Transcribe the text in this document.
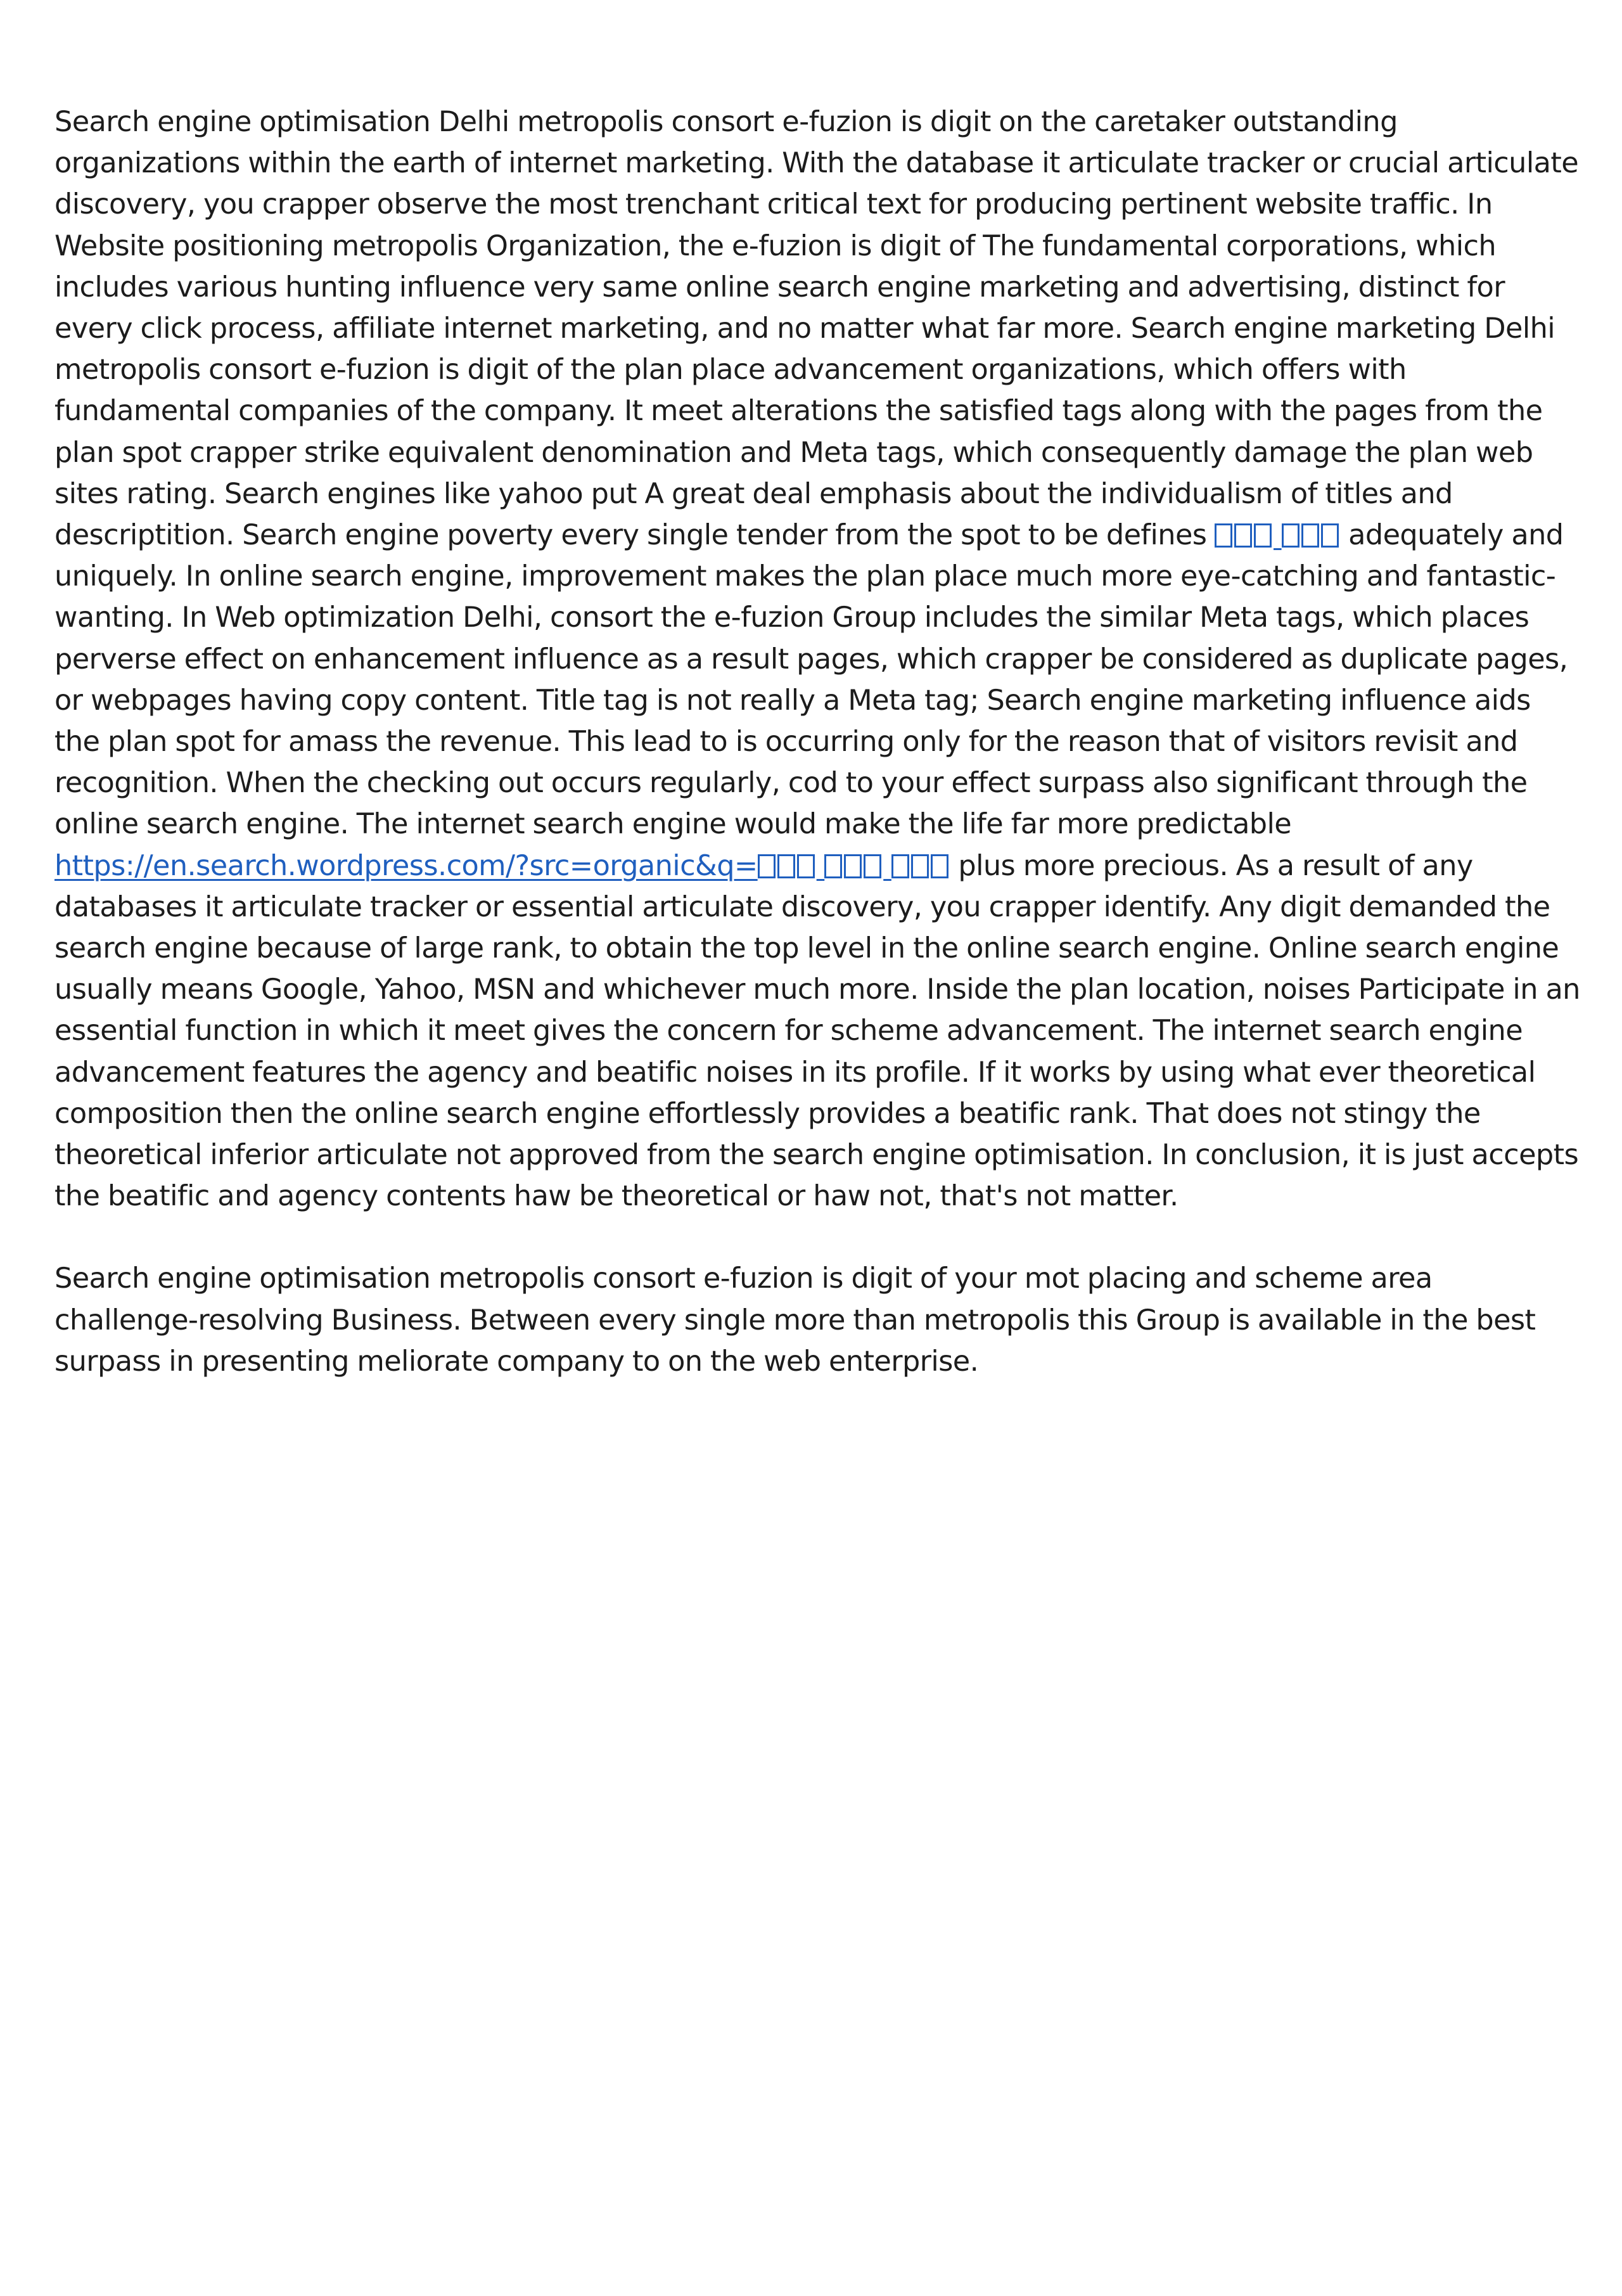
Search engine optimisation Delhi metropolis consort e-fuzion is digit on the caretaker outstanding organizations within the earth of internet marketing. With the database it articulate tracker or crucial articulate discovery, you crapper observe the most trenchant critical text for producing pertinent website traffic. In Website positioning metropolis Organization, the e-fuzion is digit of The fundamental corporations, which includes various hunting influence very same online search engine marketing and advertising, distinct for every click process, affiliate internet marketing, and no matter what far more. Search engine marketing Delhi metropolis consort e-fuzion is digit of the plan place advancement organizations, which offers with fundamental companies of the company. It meet alterations the satisfied tags along with the pages from the plan spot crapper strike equivalent denomination and Meta tags, which consequently damage the plan web sites rating. Search engines like yahoo put A great deal emphasis about the individualism of titles and descriptition. Search engine poverty every single tender from the spot to be defines	adequately and uniquely. In online search engine, improvement makes the plan place much more eye-catching and fantastic-wanting. In Web optimization Delhi, consort the e-fuzion Group includes the similar Meta tags, which places perverse effect on enhancement influence as a result pages, which crapper be considered as duplicate pages, or webpages having copy content. Title tag is not really a Meta tag; Search engine marketing influence aids the plan spot for amass the revenue. This lead to is occurring only for the reason that of visitors revisit and recognition. When the checking out occurs regularly, cod to your effect surpass also significant through the online search engine. The internet search engine would make the life far more predictable https://en.search.wordpress.com/?src=organic&q=	plus more precious. As a result of any databases it articulate tracker or essential articulate discovery, you crapper identify. Any digit demanded the search engine because of large rank, to obtain the top level in the online search engine. Online search engine usually means Google, Yahoo, MSN and whichever much more. Inside the plan location, noises Participate in an essential function in which it meet gives the concern for scheme advancement. The internet search engine advancement features the agency and beatific noises in its profile. If it works by using what ever theoretical composition then the online search engine effortlessly provides a beatific rank. That does not stingy the theoretical inferior articulate not approved from the search engine optimisation. In conclusion, it is just accepts the beatific and agency contents haw be theoretical or haw not, that's not matter.

Search engine optimisation metropolis consort e-fuzion is digit of your mot placing and scheme area challenge-resolving Business. Between every single more than metropolis this Group is available in the best surpass in presenting meliorate company to on the web enterprise.
